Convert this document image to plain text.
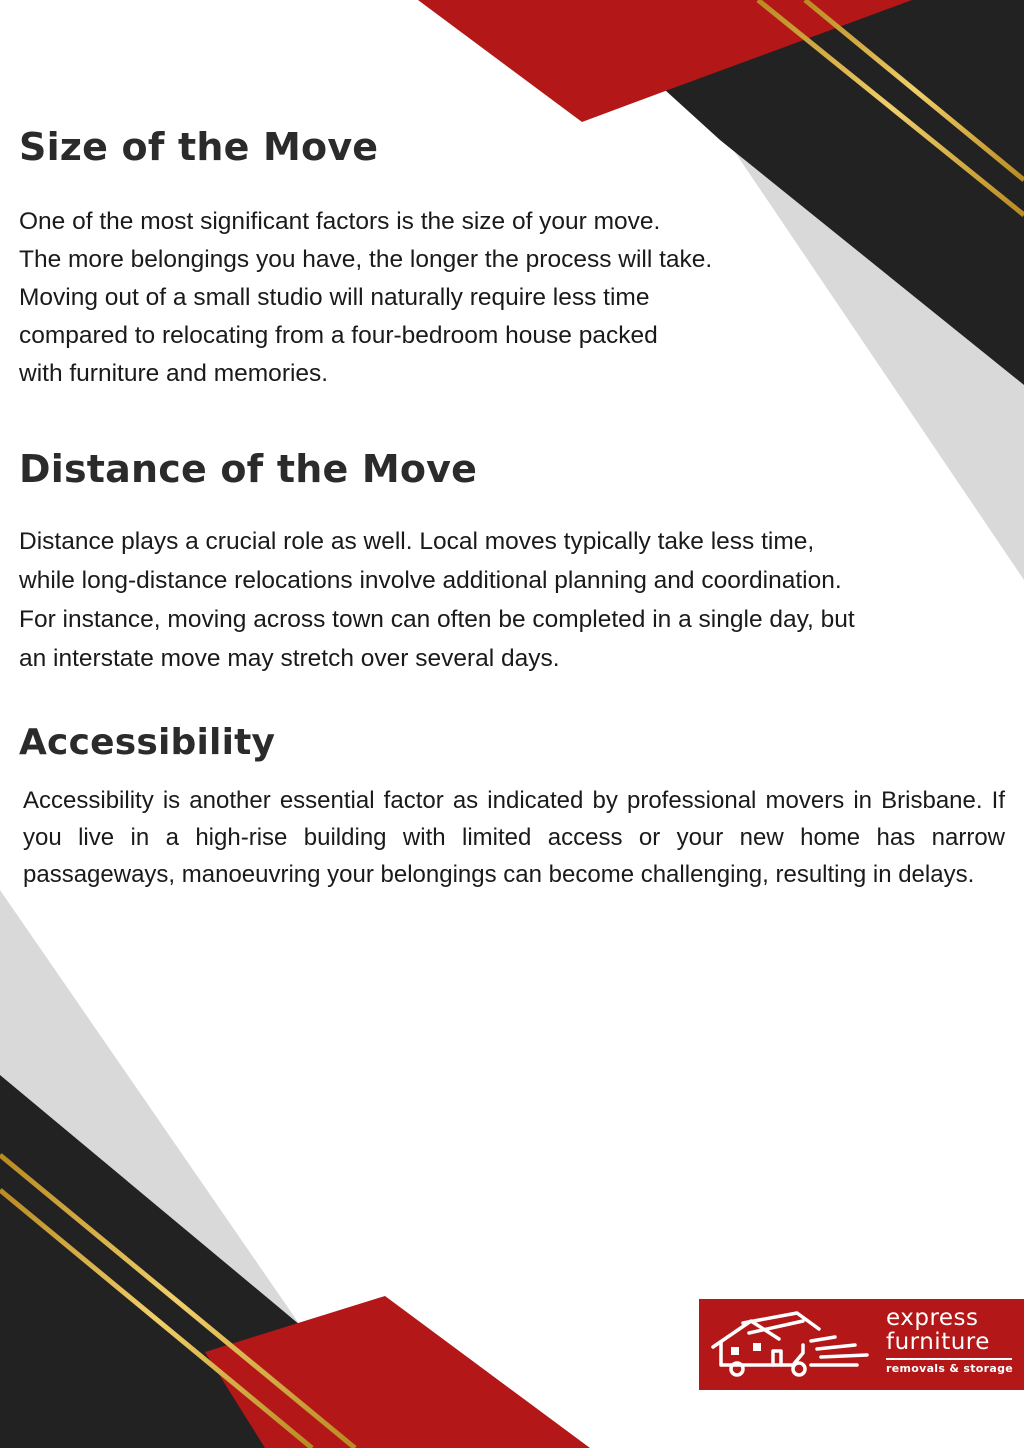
Size of the Move

One of the most significant factors is the size of your move.
The more belongings you have, the longer the process will take.
Moving out of a small studio will naturally require less time
compared to relocating from a four-bedroom house packed
with furniture and memories.

Distance of the Move

Distance plays a crucial role as well. Local moves typically take less time,
while long-distance relocations involve additional planning and coordination.
For instance, moving across town can often be completed in a single day, but
an interstate move may stretch over several days.

Accessibility

Accessibility is another essential factor as indicated by professional movers in Brisbane. If you live in a high-rise building with limited access or your new home has narrow passageways, manoeuvring your belongings can become challenging, resulting in delays.

express
furniture
removals & storage
